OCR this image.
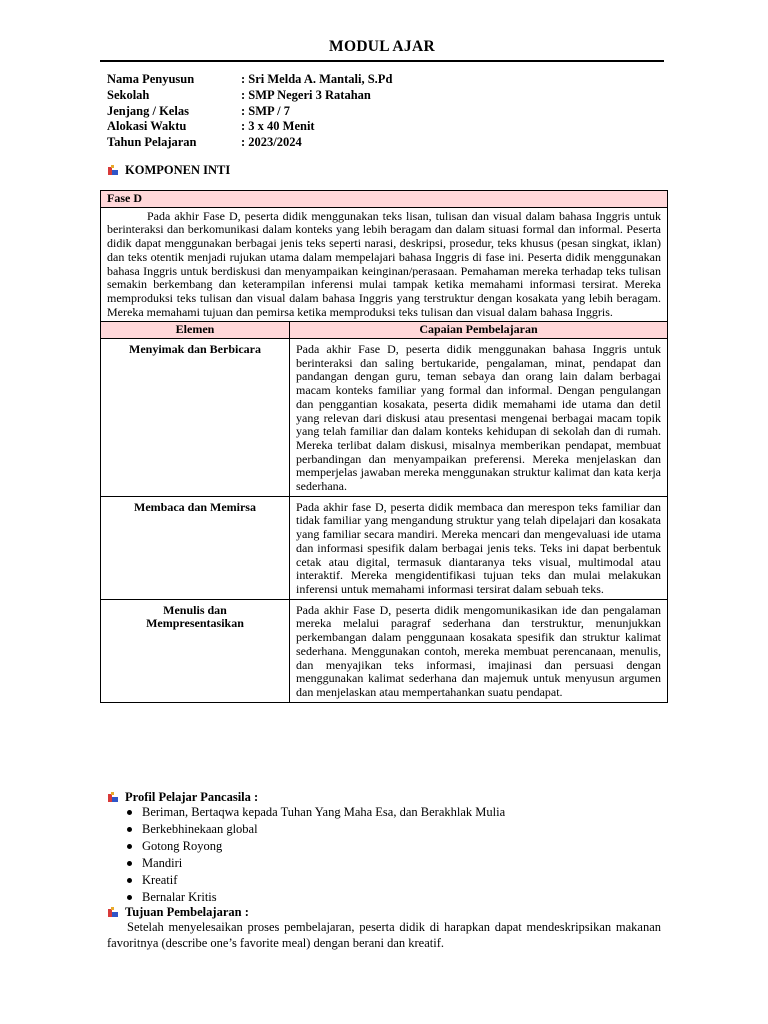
MODUL AJAR
Nama Penyusun	: Sri Melda A. Mantali, S.Pd
Sekolah	: SMP Negeri 3 Ratahan
Jenjang / Kelas	: SMP / 7
Alokasi Waktu	: 3 x 40 Menit
Tahun Pelajaran	: 2023/2024
KOMPONEN INTI
Fase D	

Pada akhir Fase D, peserta didik menggunakan teks lisan, tulisan dan visual dalam bahasa Inggris untuk berinteraksi dan berkomunikasi dalam konteks yang lebih beragam dan dalam situasi formal dan informal. Peserta didik dapat menggunakan berbagai jenis teks seperti narasi, deskripsi, prosedur, teks khusus (pesan singkat, iklan) dan teks otentik menjadi rujukan utama dalam mempelajari bahasa Inggris di fase ini. Peserta didik menggunakan bahasa Inggris untuk berdiskusi dan menyampaikan keinginan/perasaan. Pemahaman mereka terhadap teks tulisan semakin berkembang dan keterampilan inferensi mulai tampak ketika memahami informasi tersirat. Mereka memproduksi teks tulisan dan visual dalam bahasa Inggris yang terstruktur dengan kosakata yang lebih beragam. Mereka memahami tujuan dan pemirsa ketika memproduksi teks tulisan dan visual dalam bahasa Inggris.	

Elemen	Capaian Pembelajaran
Menyimak dan Berbicara	Pada akhir Fase D, peserta didik menggunakan bahasa Inggris untuk berinteraksi dan saling bertukaride, pengalaman, minat, pendapat dan pandangan dengan guru, teman sebaya dan orang lain dalam berbagai macam konteks familiar yang formal dan informal. Dengan pengulangan dan penggantian kosakata, peserta didik memahami ide utama dan detil yang relevan dari diskusi atau presentasi mengenai berbagai macam topik yang telah familiar dan dalam konteks kehidupan di sekolah dan di rumah. Mereka terlibat dalam diskusi, misalnya memberikan pendapat, membuat perbandingan dan menyampaikan preferensi. Mereka menjelaskan dan memperjelas jawaban mereka menggunakan struktur kalimat dan kata kerja sederhana.
Membaca dan Memirsa	Pada akhir fase D, peserta didik membaca dan merespon teks familiar dan tidak familiar yang mengandung struktur yang telah dipelajari dan kosakata yang familiar secara mandiri. Mereka mencari dan mengevaluasi ide utama dan informasi spesifik dalam berbagai jenis teks. Teks ini dapat berbentuk cetak atau digital, termasuk diantaranya teks visual, multimodal atau interaktif. Mereka mengidentifikasi tujuan teks dan mulai melakukan inferensi untuk memahami informasi tersirat dalam sebuah teks.
Menulis dan Mempresentasikan	Pada akhir Fase D, peserta didik mengomunikasikan ide dan pengalaman mereka melalui paragraf sederhana dan terstruktur, menunjukkan perkembangan dalam penggunaan kosakata spesifik dan struktur kalimat sederhana. Menggunakan contoh, mereka membuat perencanaan, menulis, dan menyajikan teks informasi, imajinasi dan persuasi dengan menggunakan kalimat sederhana dan majemuk untuk menyusun argumen dan menjelaskan atau mempertahankan suatu pendapat.
Profil Pelajar Pancasila :
Beriman, Bertaqwa kepada Tuhan Yang Maha Esa, dan Berakhlak Mulia
Berkebhinekaan global
Gotong Royong
Mandiri
Kreatif
Bernalar Kritis
Tujuan Pembelajaran :

Setelah menyelesaikan proses pembelajaran, peserta didik di harapkan dapat mendeskripsikan makanan favoritnya (describe one’s favorite meal) dengan berani dan kreatif.
